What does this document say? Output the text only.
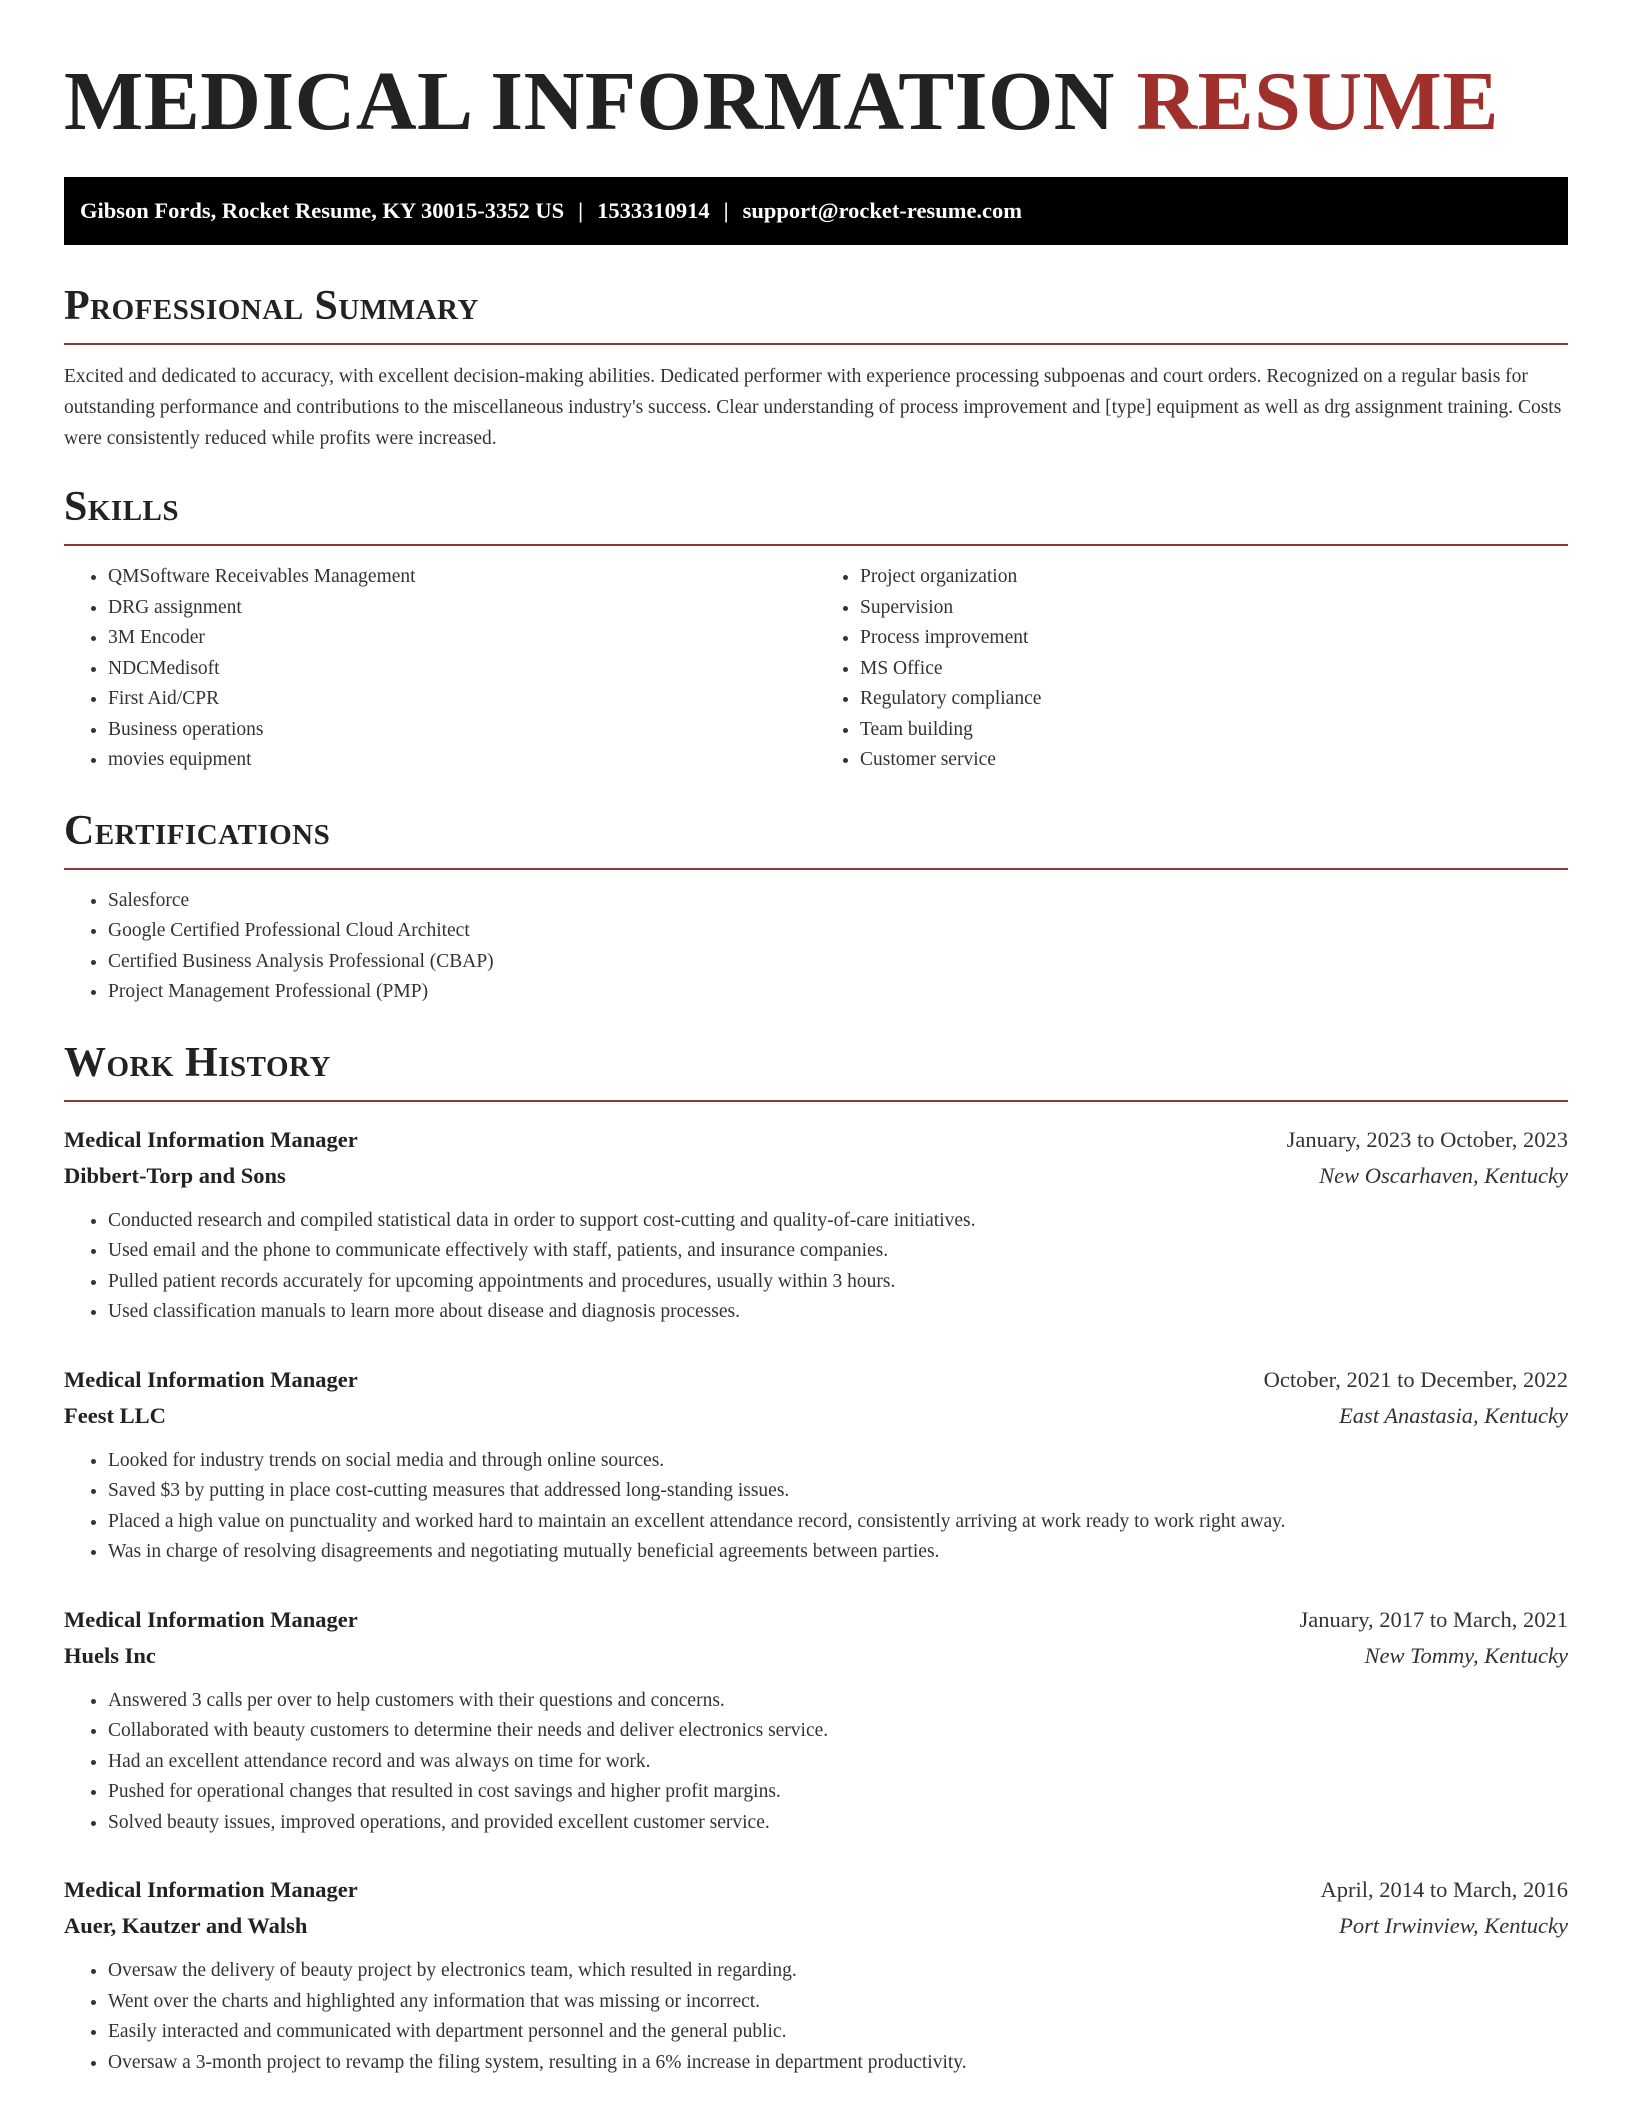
MEDICAL INFORMATION RESUME
Gibson Fords, Rocket Resume, KY 30015-3352 US | 1533310914 | support@rocket-resume.com
Professional Summary

Excited and dedicated to accuracy, with excellent decision-making abilities. Dedicated performer with experience processing subpoenas and court orders. Recognized on a regular basis for outstanding performance and contributions to the miscellaneous industry's success. Clear understanding of process improvement and [type] equipment as well as drg assignment training. Costs were consistently reduced while profits were increased.

Skills
• QMSoftware Receivables Management
• DRG assignment
• 3M Encoder
• NDCMedisoft
• First Aid/CPR
• Business operations
• movies equipment
• Project organization
• Supervision
• Process improvement
• MS Office
• Regulatory compliance
• Team building
• Customer service
Certifications
• Salesforce
• Google Certified Professional Cloud Architect
• Certified Business Analysis Professional (CBAP)
• Project Management Professional (PMP)
Work History
Medical Information Manager	January, 2023 to October, 2023
Dibbert-Torp and Sons	New Oscarhaven, Kentucky
• Conducted research and compiled statistical data in order to support cost-cutting and quality-of-care initiatives.
• Used email and the phone to communicate effectively with staff, patients, and insurance companies.
• Pulled patient records accurately for upcoming appointments and procedures, usually within 3 hours.
• Used classification manuals to learn more about disease and diagnosis processes.
Medical Information Manager	October, 2021 to December, 2022
Feest LLC	East Anastasia, Kentucky
• Looked for industry trends on social media and through online sources.
• Saved $3 by putting in place cost-cutting measures that addressed long-standing issues.
• Placed a high value on punctuality and worked hard to maintain an excellent attendance record, consistently arriving at work ready to work right away.
• Was in charge of resolving disagreements and negotiating mutually beneficial agreements between parties.
Medical Information Manager	January, 2017 to March, 2021
Huels Inc	New Tommy, Kentucky
• Answered 3 calls per over to help customers with their questions and concerns.
• Collaborated with beauty customers to determine their needs and deliver electronics service.
• Had an excellent attendance record and was always on time for work.
• Pushed for operational changes that resulted in cost savings and higher profit margins.
• Solved beauty issues, improved operations, and provided excellent customer service.
Medical Information Manager	April, 2014 to March, 2016
Auer, Kautzer and Walsh	Port Irwinview, Kentucky
• Oversaw the delivery of beauty project by electronics team, which resulted in regarding.
• Went over the charts and highlighted any information that was missing or incorrect.
• Easily interacted and communicated with department personnel and the general public.
• Oversaw a 3-month project to revamp the filing system, resulting in a 6% increase in department productivity.
